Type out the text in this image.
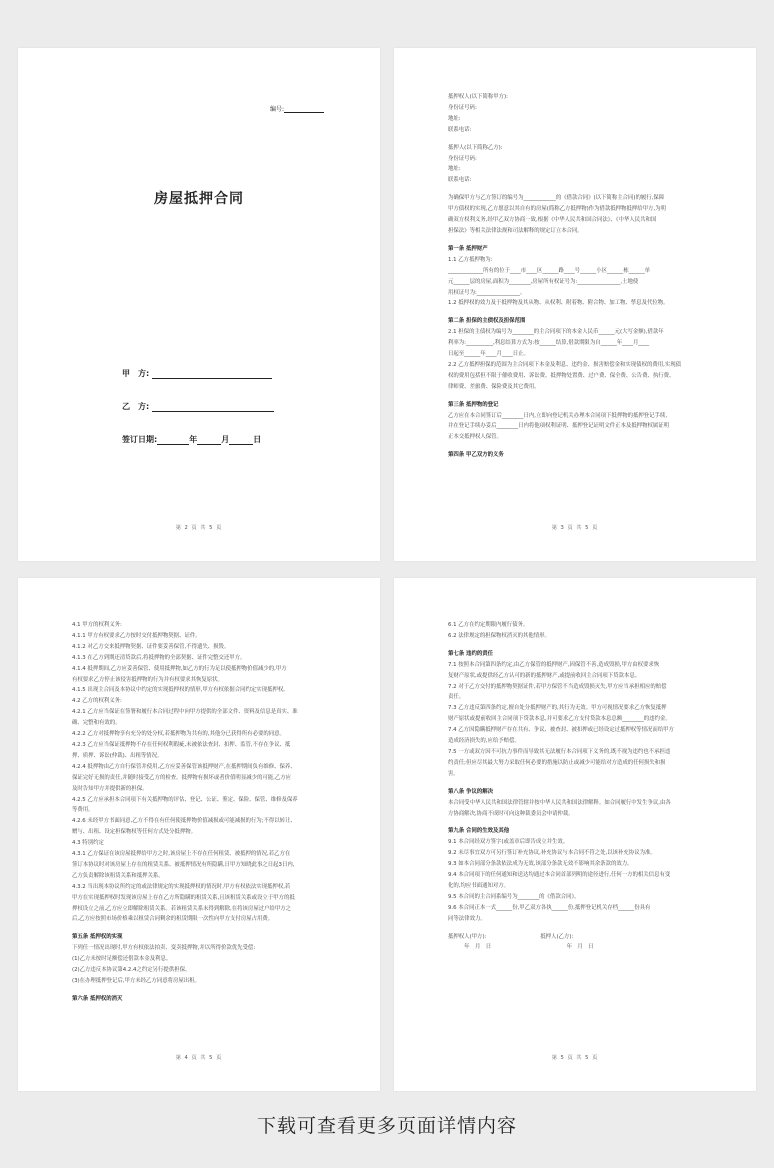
编号:
房屋抵押合同
甲　方:
乙　方:
签订日期:	年	月	日
第 2 页 共 5 页
抵押权人(以下简称甲方):
身份证号码:
地址:
联系电话:
抵押人(以下简称乙方):
身份证号码:
地址:
联系电话:
为确保甲方与乙方签订的编号为____________的《借款合同》(以下简称主合同)的履行,保障
甲方债权的实现,乙方愿意以其自有的房屋(简称乙方抵押物)作为借款抵押物抵押给甲方,为明
确双方权利义务,经甲乙双方协商一致,根据《中华人民共和国合同法》、《中华人民共和国
担保法》等相关法律法规和司法解释的规定订立本合同。
第一条 抵押财产
1.1 乙方抵押物为:
_____________所有的位于____市____区______路____号______小区______栋______单
元______层的房屋,面积为________,房屋所有权证号为:________________,土地使
用权证号为:________________。
1.2 抵押权的效力及于抵押物及其从物、从权利、附着物、附合物、加工物、孳息及代位物。
第二条 担保的主债权及担保范围
2.1 担保的主债权为编号为________的主合同项下的本金人民币______元(大写金额),借款年
利率为:__________,利息结算方式为:按______结算,借款期限为自______年____月____
日起至______年____月____日止。
2.2 乙方抵押担保的范围为主合同项下本金及利息、违约金、损害赔偿金和实现债权的费用,实现债
权的费用包括但不限于催收费用、诉讼费、抵押物处置费、过户费、保全费、公告费、执行费、
律师费、差旅费、保险费及其它费用。
第三条 抵押物的登记
乙方应在本合同签订后________日内,立即向登记机关办理本合同项下抵押物的抵押登记手续,
并在登记手续办妥后________日内将他项权利证明、抵押登记证明文件正本及抵押物权属证明
正本交抵押权人保管。
第四条 甲乙双方的义务
第 3 页 共 5 页
4.1 甲方的权利义务:
4.1.1 甲方有权要求乙方按时交付抵押物契据、证件。
4.1.2 对乙方交来抵押物契据、证件要妥善保管,不得遗失、损毁。
4.1.3 在乙方到期还清贷款后,将抵押物的全部契据、证件完整交还甲方。
4.1.4 抵押期间,乙方应妥善保管、使用抵押物,如乙方的行为足以使抵押物价值减少的,甲方
有权要求乙方停止该侵害抵押物的行为并有权要求其恢复原状。
4.1.5 出现主合同及本协议中约定的实现抵押权的情形,甲方有权依据合同约定实现抵押权。
4.2 乙方的权利义务:
4.2.1 乙方应当保证在签署和履行本合同过程中向甲方提供的全部文件、资料及信息是真实、准
确、完整和有效的。
4.2.2 乙方对抵押物享有充分的处分权,若抵押物为共有的,其他分已获得所有必要的同意。
4.2.3 乙方应当保证抵押物不存在任何权利瑕疵,未被依法查封、扣押、监管,不存在争议、抵
押、质押、诉讼(仲裁)、出租等情况。
4.2.4 抵押物由乙方自行保管并使用,乙方应妥善保管该抵押财产,在抵押期间负有维修、保养、
保证完好无损的责任,并随时接受乙方的检查。抵押物有损坏或者价值明显减少的可能,乙方应
及时告知甲方并提供新的担保。
4.2.5 乙方应承担本合同项下有关抵押物的评估、登记、公证、鉴定、保险、保管、维修及保养
等费用。
4.2.6 未经甲方书面同意,乙方不得在有任何使抵押物价值减损或可能减损的行为;不得以转让、
赠与、出租、设定担保物权等任何方式处分抵押物。
4.3 特别约定
4.3.1 乙方保证在该房屋抵押给甲方之时,该房屋上不存在任何租赁、被抵押的情况,若乙方在
签订本协议时对该房屋上存在的租赁关系、被抵押情况有所隐瞒,日甲方知晓此事之日起3日内,
乙方负责解除该租赁关系和抵押关系。
4.3.2 当出现本协议所约定的或法律规定的实现抵押权的情况时,甲方有权依法实现抵押权,若
甲方在实现抵押权时发现该房屋上存在乙方所隐瞒的租赁关系,且该租赁关系或设立于甲方的抵
押权设立之前,乙方应立即解除租赁关系。若该租赁关系未得到解除,在将该房屋过户给甲方之
后,乙方应按照市场价格乘以租赁合同剩余的租赁期限一次性向甲方支付房屋占用费。
第五条 抵押权的实现
下列任一情况出现时,甲方有权依法拍卖、变卖抵押物,并以所得价款优先受偿:
(1)乙方未按时足额偿还借款本金及利息。
(2)乙方违反本协议第4.2.4之约定另行提供担保。
(3)在办理抵押登记后,甲方未经乙方同意将房屋出租。
第六条 抵押权的消灭
第 4 页 共 5 页
6.1 乙方在约定期限内履行债务。
6.2 法律规定的担保物权消灭的其他情形。
第七条 违约的责任
7.1 按照本合同第四条约定,由乙方保管的抵押财产,因保管不善,造成毁损,甲方由权要求恢
复财产原状,或提供经乙方认可的新的抵押财产,或提前收回主合同项下贷款本息。
7.2 对于乙方交付的抵押物契据证件,若甲方保管不当造成毁损灭失,甲方应当承担相应的赔偿
责任。
7.3 乙方违反第四条约定,擅自处分抵押财产的,其行为无效。甲方可视情况要求乙方恢复抵押
财产原状或提前收回主合同项下贷款本息,并可要求乙方支付贷款本息总额________的违约金。
7.4 乙方因隐瞒抵押财产存在共有、争议、被查封、被扣押或已经设定过抵押权等情况而给甲方
造成经济损失的,应给予赔偿。
7.5 一方或双方因不可抗力事件而导致其无法履行本合同项下义务的,既不视为违约也不承担违
约责任;但应尽其最大努力采取任何必要的措施以防止或减少可能给对方造成的任何损失和损
害。
第八条 争议的解决
本合同受中华人民共和国法律管辖并按中华人民共和国法律解释。如合同履行中发生争议,由各
方协商解决,协商不成时可向这种裁委员会申请仲裁。
第九条 合同的生效及其他
9.1 本合同经双方签字(或盖章后即告成立并生效。
9.2 未尽事宜双方可另行签订补充协议,补充协议与本合同不符之处,以该补充协议为准。
9.3 如本合同部分条款依法成为无效,该部分条款无效不影响其余条款的效力。
9.4 本合同项下的任何通知和送达均通过本合同首部列明的途径进行,任何一方的相关信息有变
化的,均应书面通知对方。
9.5 本合同的主合同系编号为________的《借款合同》。
9.6 本合同正本一式______份,甲乙双方各执______份,抵押登记机关存档______份具有
同等法律效力。
抵押权人(甲方):　　　　　　　　　　抵押人(乙方):
　　　年　月　日　　　　　　　　　　　　　　年　月　日
第 5 页 共 5 页
下载可查看更多页面详情内容
